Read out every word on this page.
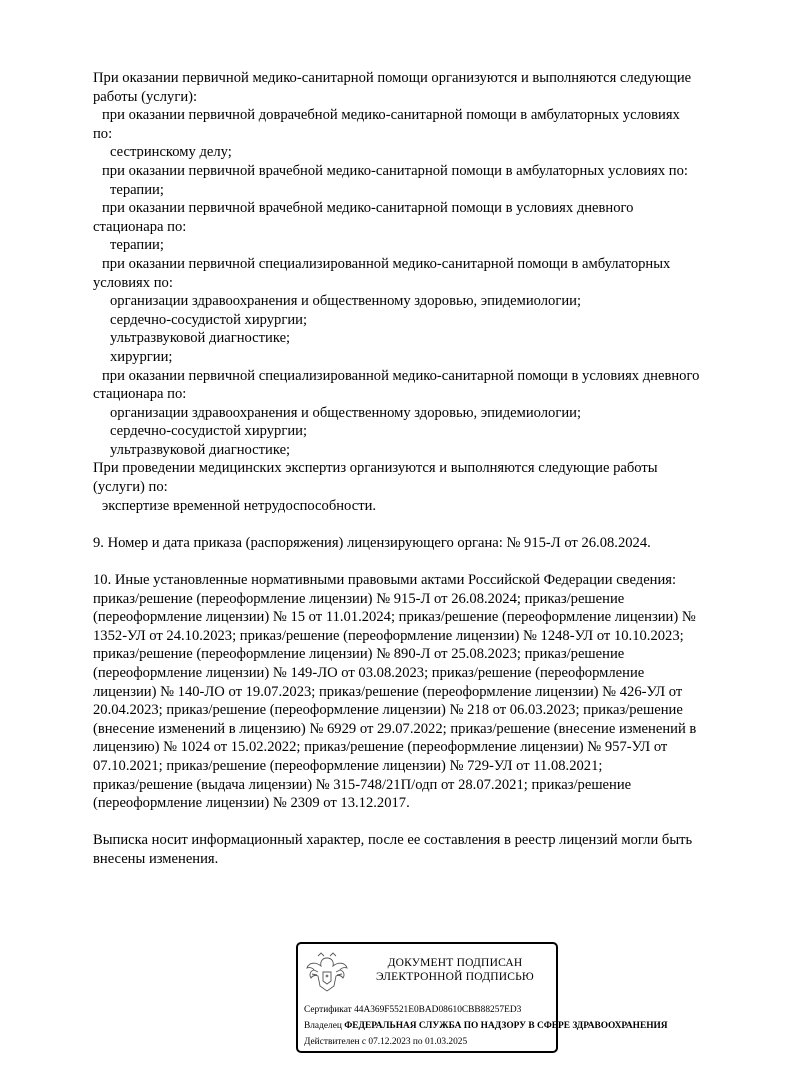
При оказании первичной медико-санитарной помощи организуются и выполняются следующие
работы (услуги):
при оказании первичной доврачебной медико-санитарной помощи в амбулаторных условиях
по:
сестринскому делу;
при оказании первичной врачебной медико-санитарной помощи в амбулаторных условиях по:
терапии;
при оказании первичной врачебной медико-санитарной помощи в условиях дневного
стационара по:
терапии;
при оказании первичной специализированной медико-санитарной помощи в амбулаторных
условиях по:
организации здравоохранения и общественному здоровью, эпидемиологии;
сердечно-сосудистой хирургии;
ультразвуковой диагностике;
хирургии;
при оказании первичной специализированной медико-санитарной помощи в условиях дневного
стационара по:
организации здравоохранения и общественному здоровью, эпидемиологии;
сердечно-сосудистой хирургии;
ультразвуковой диагностике;
При проведении медицинских экспертиз организуются и выполняются следующие работы
(услуги) по:
экспертизе временной нетрудоспособности.
9. Номер и дата приказа (распоряжения) лицензирующего органа: № 915-Л от 26.08.2024.
10. Иные установленные нормативными правовыми актами Российской Федерации сведения:
приказ/решение (переоформление лицензии) № 915-Л от 26.08.2024; приказ/решение
(переоформление лицензии) № 15 от 11.01.2024; приказ/решение (переоформление лицензии) №
1352-УЛ от 24.10.2023; приказ/решение (переоформление лицензии) № 1248-УЛ от 10.10.2023;
приказ/решение (переоформление лицензии) № 890-Л от 25.08.2023; приказ/решение
(переоформление лицензии) № 149-ЛО от 03.08.2023; приказ/решение (переоформление
лицензии) № 140-ЛО от 19.07.2023; приказ/решение (переоформление лицензии) № 426-УЛ от
20.04.2023; приказ/решение (переоформление лицензии) № 218 от 06.03.2023; приказ/решение
(внесение изменений в лицензию) № 6929 от 29.07.2022; приказ/решение (внесение изменений в
лицензию) № 1024 от 15.02.2022; приказ/решение (переоформление лицензии) № 957-УЛ от
07.10.2021; приказ/решение (переоформление лицензии) № 729-УЛ от 11.08.2021;
приказ/решение (выдача лицензии) № 315-748/21П/одп от 28.07.2021; приказ/решение
(переоформление лицензии) № 2309 от 13.12.2017.
Выписка носит информационный характер, после ее составления в реестр лицензий могли быть
внесены изменения.
ДОКУМЕНТ ПОДПИСАН
ЭЛЕКТРОННОЙ ПОДПИСЬЮ
Сертификат 44A369F5521E0BAD08610CBB88257ED3
Владелец ФЕДЕРАЛЬНАЯ СЛУЖБА ПО НАДЗОРУ В СФЕРЕ ЗДРАВООХРАНЕНИЯ
Действителен с 07.12.2023 по 01.03.2025
